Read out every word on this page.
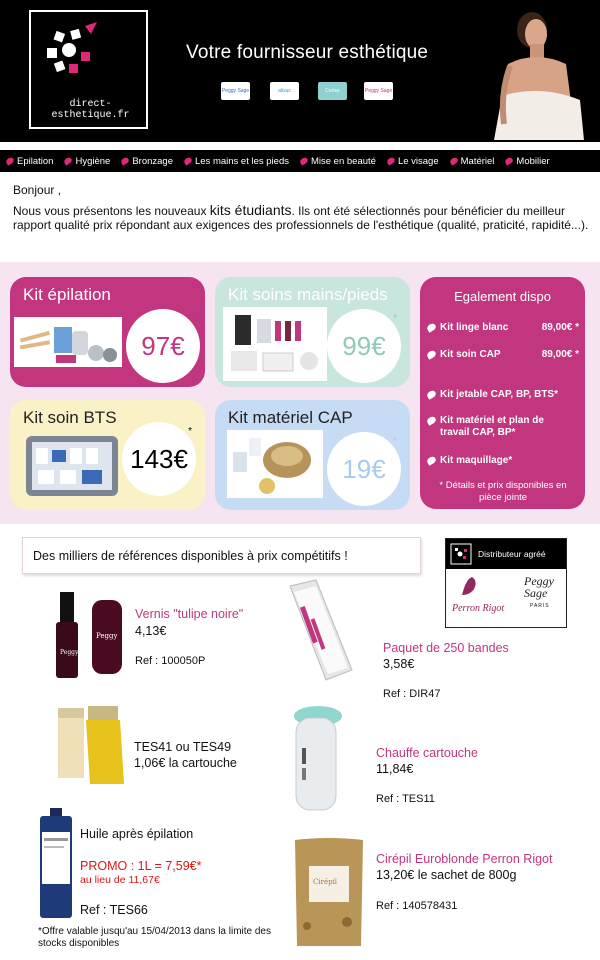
direct-esthetique.fr
Votre fournisseur esthétique
Peggy Sage	alisuc	Cerise	Peggy Sage
Epilation Hygiène Bronzage Les mains et les pieds Mise en beauté Le visage Matériel Mobilier
Bonjour ,
Nous vous présentons les nouveaux kits étudiants. Ils ont été sélectionnés pour bénéficier du meilleur rapport qualité prix répondant aux exigences des professionnels de l'esthétique (qualité, praticité, rapidité...).
Kit épilation
97€
*
Kit soins mains/pieds
99€
*
Kit soin BTS
143€
*
Kit matériel CAP
19€
*
Egalement dispo
Kit linge blanc	89,00€ *
Kit soin CAP	89,00€ *
Kit jetable CAP, BP, BTS*
Kit matériel et plan de travail CAP, BP*
Kit maquillage*
* Détails et prix disponibles en pièce jointe
Des milliers de références disponibles à prix compétitifs !	Distributeur agréé
Perron Rigot
Peggy Sage
PARIS
Peggy
Peggy
Vernis "tulipe noire"
4,13€
Ref : 100050P
Paquet de 250 bandes
3,58€
Ref : DIR47
TES41 ou TES49
1,06€ la cartouche
Chauffe cartouche
11,84€
Ref : TES11
Huile après épilation
PROMO : 1L = 7,59€*
au lieu de 11,67€
Ref : TES66
Cirépil
Cirépil Euroblonde Perron Rigot
13,20€ le sachet de 800g
Ref : 140578431
*Offre valable jusqu'au 15/04/2013 dans la limite des stocks disponibles
